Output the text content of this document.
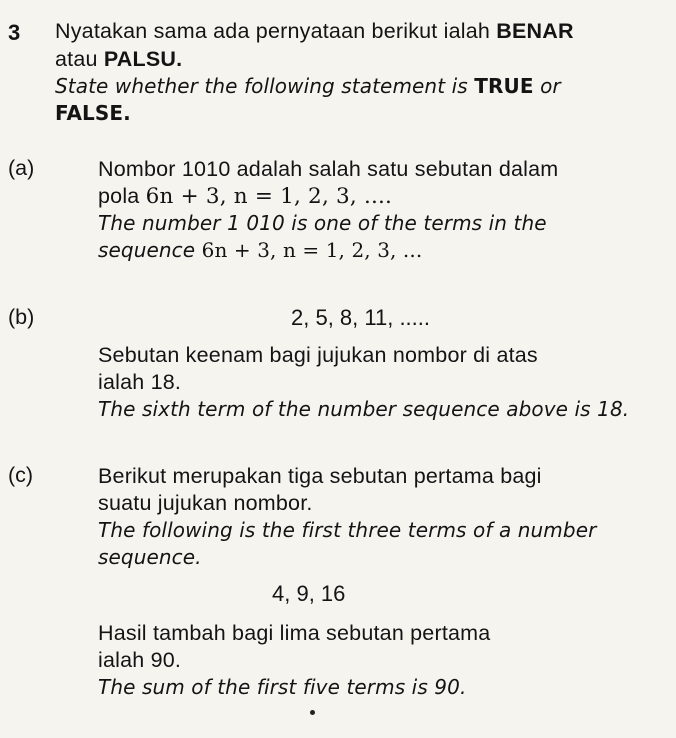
3 Nyatakan sama ada pernyataan berikut ialah BENAR
atau PALSU.
State whether the following statement is TRUE or
FALSE.
(a)	Nombor 1010 adalah salah satu sebutan dalam
pola 6n + 3, n = 1, 2, 3, ....
The number 1 010 is one of the terms in the
sequence 6n + 3, n = 1, 2, 3, ...
(b)	2, 5, 8, 11, .....
Sebutan keenam bagi jujukan nombor di atas
ialah 18.
The sixth term of the number sequence above is 18.
(c)	Berikut merupakan tiga sebutan pertama bagi
suatu jujukan nombor.
The following is the first three terms of a number
sequence.
4, 9, 16
Hasil tambah bagi lima sebutan pertama
ialah 90.
The sum of the first five terms is 90.
